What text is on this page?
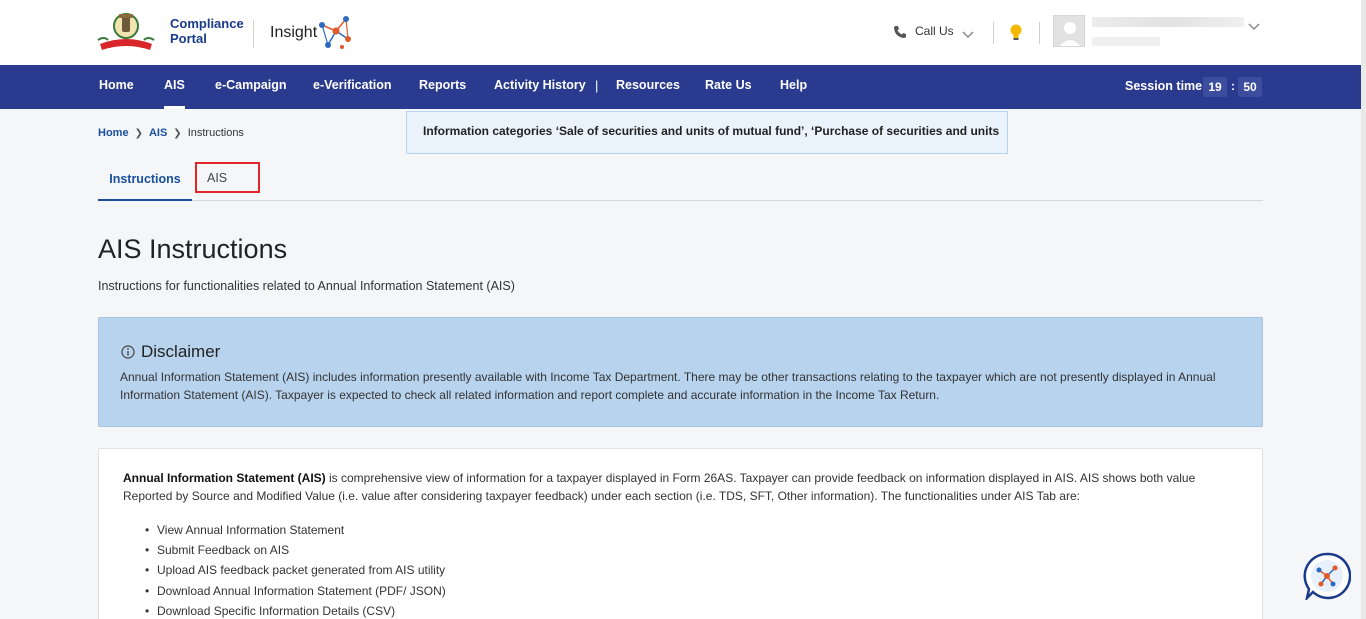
Compliance
Portal	Insight	Call Us
Home AIS e-Campaign e-Verification Reports Activity History | Resources Rate Us Help	Session time 19 : 50
Home ❯ AIS ❯ Instructions	Information categories ‘Sale of securities and units of mutual fund’, ‘Purchase of securities and units
Instructions	AIS
AIS Instructions
Instructions for functionalities related to Annual Information Statement (AIS)
Disclaimer
Annual Information Statement (AIS) includes information presently available with Income Tax Department. There may be other transactions relating to the taxpayer which are not presently displayed in Annual Information Statement (AIS). Taxpayer is expected to check all related information and report complete and accurate information in the Income Tax Return.
Annual Information Statement (AIS) is comprehensive view of information for a taxpayer displayed in Form 26AS. Taxpayer can provide feedback on information displayed in AIS. AIS shows both value Reported by Source and Modified Value (i.e. value after considering taxpayer feedback) under each section (i.e. TDS, SFT, Other information). The functionalities under AIS Tab are:
• View Annual Information Statement
• Submit Feedback on AIS
• Upload AIS feedback packet generated from AIS utility
• Download Annual Information Statement (PDF/ JSON)
• Download Specific Information Details (CSV)
